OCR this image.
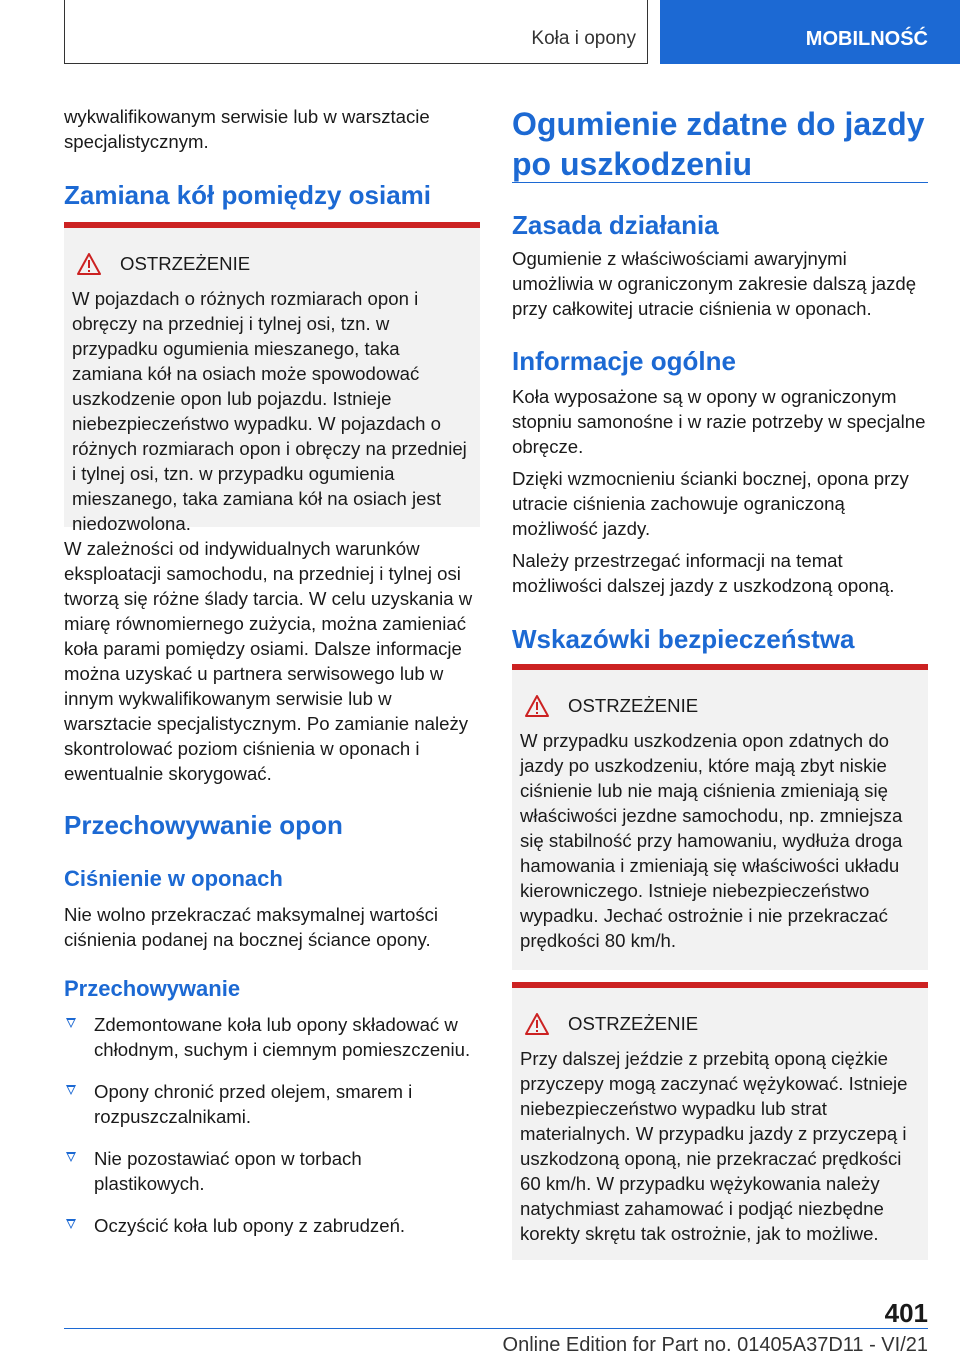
Koła i opony	MOBILNOŚĆ

wykwalifikowanym serwisie lub w warsztacie specjalistycznym.

Zamiana kół pomiędzy osiami
OSTRZEŻENIE

W pojazdach o różnych rozmiarach opon i obręczy na przedniej i tylnej osi, tzn. w przypadku ogumienia mieszanego, taka zamiana kół na osiach może spowodować uszkodzenie opon lub pojazdu. Istnieje niebezpieczeństwo wypadku. W pojazdach o różnych rozmiarach opon i obręczy na przedniej i tylnej osi, tzn. w przypadku ogumienia mieszanego, taka zamiana kół na osiach jest niedozwolona.

W zależności od indywidualnych warunków eksploatacji samochodu, na przedniej i tylnej osi tworzą się różne ślady tarcia. W celu uzyskania w miarę równomiernego zużycia, można zamieniać koła parami pomiędzy osiami. Dalsze informacje można uzyskać u partnera serwisowego lub w innym wykwalifikowanym serwisie lub w warsztacie specjalistycznym. Po zamianie należy skontrolować poziom ciśnienia w oponach i ewentualnie skorygować.

Przechowywanie opon
Ciśnienie w oponach

Nie wolno przekraczać maksymalnej wartości ciśnienia podanej na bocznej ściance opony.

Przechowywanie
Zdemontowane koła lub opony składować w chłodnym, suchym i ciemnym pomieszczeniu.
Opony chronić przed olejem, smarem i rozpuszczalnikami.
Nie pozostawiać opon w torbach plastikowych.
Oczyścić koła lub opony z zabrudzeń.
Ogumienie zdatne do jazdy po uszkodzeniu
Zasada działania

Ogumienie z właściwościami awaryjnymi umożliwia w ograniczonym zakresie dalszą jazdę przy całkowitej utracie ciśnienia w oponach.

Informacje ogólne

Koła wyposażone są w opony w ograniczonym stopniu samonośne i w razie potrzeby w specjalne obręcze.

Dzięki wzmocnieniu ścianki bocznej, opona przy utracie ciśnienia zachowuje ograniczoną możliwość jazdy.

Należy przestrzegać informacji na temat możliwości dalszej jazdy z uszkodzoną oponą.

Wskazówki bezpieczeństwa
OSTRZEŻENIE

W przypadku uszkodzenia opon zdatnych do jazdy po uszkodzeniu, które mają zbyt niskie ciśnienie lub nie mają ciśnienia zmieniają się właściwości jezdne samochodu, np. zmniejsza się stabilność przy hamowaniu, wydłuża droga hamowania i zmieniają się właściwości układu kierowniczego. Istnieje niebezpieczeństwo wypadku. Jechać ostrożnie i nie przekraczać prędkości 80 km/h.

OSTRZEŻENIE

Przy dalszej jeździe z przebitą oponą ciężkie przyczepy mogą zaczynać wężykować. Istnieje niebezpieczeństwo wypadku lub strat materialnych. W przypadku jazdy z przyczepą i uszkodzoną oponą, nie przekraczać prędkości 60 km/h. W przypadku wężykowania należy natychmiast zahamować i podjąć niezbędne korekty skrętu tak ostrożnie, jak to możliwe.

401
Online Edition for Part no. 01405A37D11 - VI/21
